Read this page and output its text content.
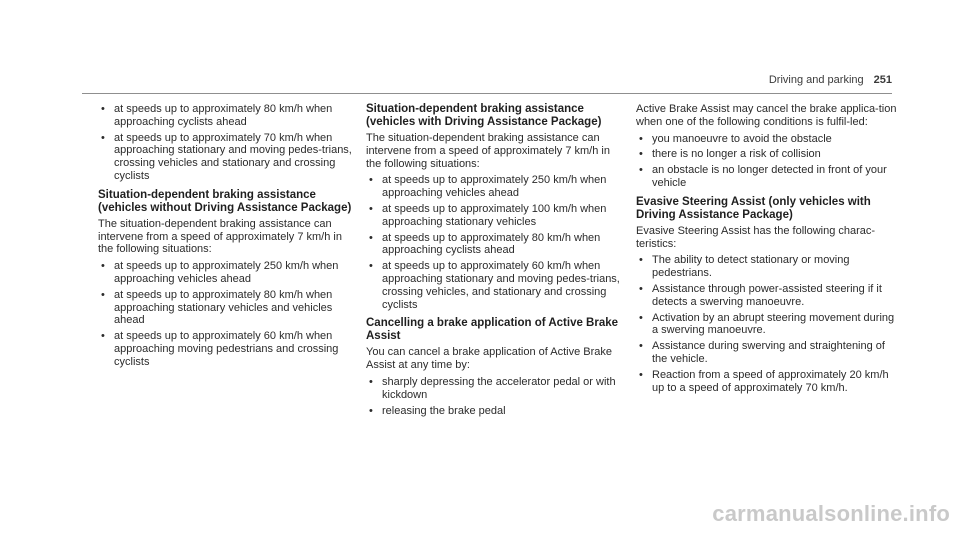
Driving and parking 251
• at speeds up to approximately 80 km/h when approaching cyclists ahead
• at speeds up to approximately 70 km/h when approaching stationary and moving pedes-trians, crossing vehicles and stationary and crossing cyclists
Situation-dependent braking assistance (vehicles without Driving Assistance Package)

The situation-dependent braking assistance can intervene from a speed of approximately 7 km/h in the following situations:

• at speeds up to approximately 250 km/h when approaching vehicles ahead
• at speeds up to approximately 80 km/h when approaching stationary vehicles and vehicles ahead
• at speeds up to approximately 60 km/h when approaching moving pedestrians and crossing cyclists
Situation-dependent braking assistance (vehicles with Driving Assistance Package)

The situation-dependent braking assistance can intervene from a speed of approximately 7 km/h in the following situations:

• at speeds up to approximately 250 km/h when approaching vehicles ahead
• at speeds up to approximately 100 km/h when approaching stationary vehicles
• at speeds up to approximately 80 km/h when approaching cyclists ahead
• at speeds up to approximately 60 km/h when approaching stationary and moving pedes-trians, crossing vehicles, and stationary and crossing cyclists
Cancelling a brake application of Active Brake Assist

You can cancel a brake application of Active Brake Assist at any time by:

• sharply depressing the accelerator pedal or with kickdown
• releasing the brake pedal

Active Brake Assist may cancel the brake applica-tion when one of the following conditions is fulfil-led:

• you manoeuvre to avoid the obstacle
• there is no longer a risk of collision
• an obstacle is no longer detected in front of your vehicle
Evasive Steering Assist (only vehicles with Driving Assistance Package)

Evasive Steering Assist has the following charac-teristics:

• The ability to detect stationary or moving pedestrians.
• Assistance through power-assisted steering if it detects a swerving manoeuvre.
• Activation by an abrupt steering movement during a swerving manoeuvre.
• Assistance during swerving and straightening of the vehicle.
• Reaction from a speed of approximately 20 km/h up to a speed of approximately 70 km/h.
carmanualsonline.info
